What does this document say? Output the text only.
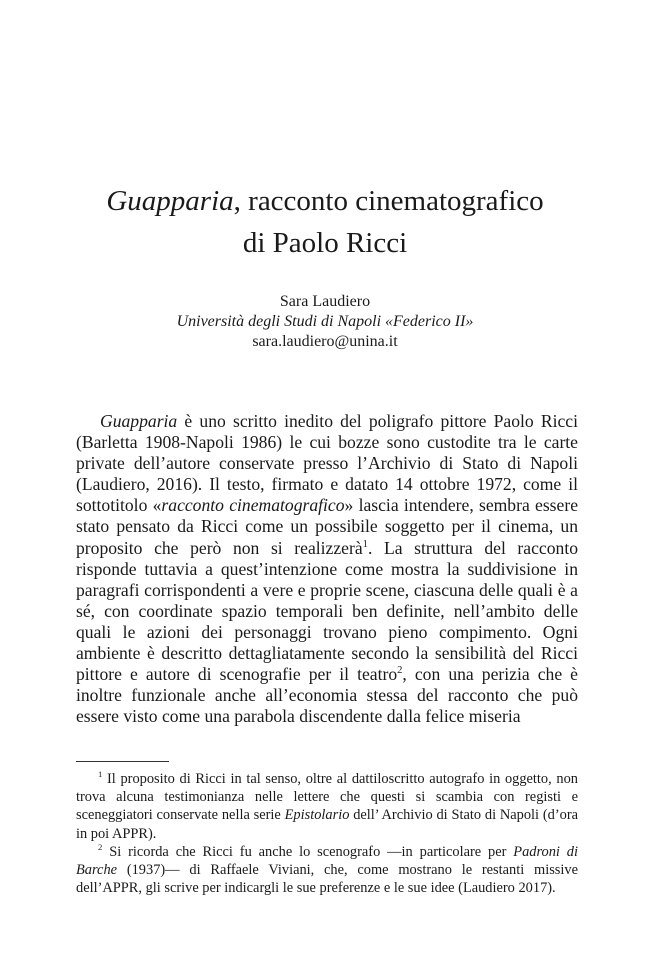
Guapparia, racconto cinematografico
di Paolo Ricci
Sara Laudiero
Università degli Studi di Napoli «Federico II»
sara.laudiero@unina.it

Guapparia è uno scritto inedito del poligrafo pittore Paolo Ricci (Barletta 1908-Napoli 1986) le cui bozze sono custodite tra le carte private dell’autore conservate presso l’Archivio di Stato di Napoli (Laudiero, 2016). Il testo, firmato e datato 14 ottobre 1972, come il sottotitolo «racconto cinematografico» lascia intendere, sembra essere stato pensato da Ricci come un possibile soggetto per il cinema, un proposito che però non si realizzerà$^1$. La struttura del racconto risponde tuttavia a quest’intenzione come mostra la suddivisione in paragrafi corrispondenti a vere e proprie scene, ciascuna delle quali è a sé, con coordinate spazio temporali ben definite, nell’ambito delle quali le azioni dei personaggi trovano pieno compimento. Ogni ambiente è descritto dettagliatamente secondo la sensibilità del Ricci pittore e autore di scenografie per il teatro$^2$, con una perizia che è inoltre funzionale anche all’economia stessa del racconto che può essere visto come una parabola discendente dalla felice miseria

$^1$ Il proposito di Ricci in tal senso, oltre al dattiloscritto autografo in oggetto, non trova alcuna testimonianza nelle lettere che questi si scambia con registi e sceneggiatori conservate nella serie Epistolario dell’ Archivio di Stato di Napoli (d’ora in poi APPR).

$^2$ Si ricorda che Ricci fu anche lo scenografo —in particolare per Padroni di Barche (1937)— di Raffaele Viviani, che, come mostrano le restanti missive dell’APPR, gli scrive per indicargli le sue preferenze e le sue idee (Laudiero 2017).
